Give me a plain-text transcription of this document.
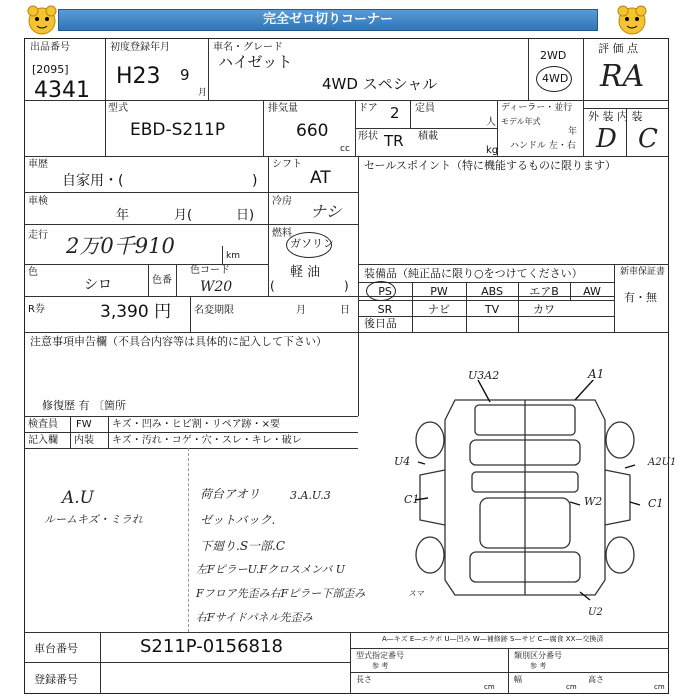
完全ゼロ切りコーナー
出品番号
[2095]
4341
初度登録年月
H23 9
月
車名・グレード
ハイゼット
4WD スペシャル
2WD
4WD
評 価 点
RA
外 装 内 装
D C
型式
EBD-S211P
排気量
660
cc
ドア 2 定員
人
形状 TR 積載
kg
ディーラー・並行
モデル年式
年
ハンドル 左・右
車歴
自家用・(	)
シフト
AT
車検
年	月(	日)
冷房
ナシ
走行 2万0千910	km
燃料
ガソリン
軽 油
色
シロ	色番
色コード
W20	(	)
R券	3,390 円 名変期限	月	日
セールスポイント（特に機能するものに限ります）
装備品（純正品に限り○をつけてください）	新車保証書
有・無
PS	PW	ABS	エアB	AW
SR	ナビ	TV	カワ
後日品
注意事項申告欄（不具合内容等は具体的に記入して下さい）
修復歴 有 〔箇所
検査員 FW キズ・凹み・ヒビ割・リペア跡・×要
記入欄 内装 キズ・汚れ・コゲ・穴・スレ・キレ・破レ
A.U
ルームキズ・ミラれ
荷台アオリ	3.A.U.3
ゼットバック.
下廻り.S一部.C
左FピラーU.Fクロスメンバ U
Fフロア先歪み右Fピラー下部歪み
右Fサイドパネル先歪み
U3A2	A1
U4	A2U1
C1	C1
W2
U2
スマ
車台番号	S211P-0156818
登録番号
A—キズ E—エクボ U—凹み W—補修跡 S—サビ C—腐食 XX—交換済
型式指定番号
参 考
類別区分番号
参 考
長さ
cm
幅
cm
高さ
cm
